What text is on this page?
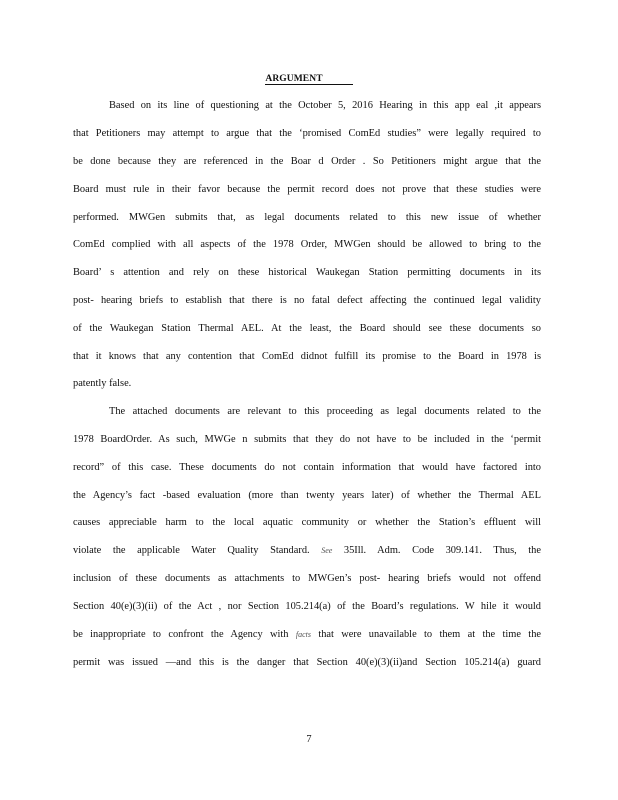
ARGUMENT
Based on its line of questioning at the October 5, 2016 Hearing in this app eal ,it appears
that Petitioners may attempt to argue that the ‘promised ComEd studies” were legally required to
be done because they are referenced in the Boar d Order . So Petitioners might argue that the
Board must rule in their favor because the permit record does not prove that these studies were
performed. MWGen submits that, as legal documents related to this new issue of whether
ComEd complied with all aspects of the 1978 Order, MWGen should be allowed to bring to the
Board’ s attention and rely on these historical Waukegan Station permitting documents in its
post- hearing briefs to establish that there is no fatal defect affecting the continued legal validity
of the Waukegan Station Thermal AEL. At the least, the Board should see these documents so
that it knows that any contention that ComEd didnot fulfill its promise to the Board in 1978 is
patently false.
The attached documents are relevant to this proceeding as legal documents related to the
1978 BoardOrder. As such, MWGe n submits that they do not have to be included in the ‘permit
record” of this case. These documents do not contain information that would have factored into
the Agency’s fact -based evaluation (more than twenty years later) of whether the Thermal AEL
causes appreciable harm to the local aquatic community or whether the Station’s effluent will
violate the applicable Water Quality Standard. See 35Ill. Adm. Code 309.141. Thus, the
inclusion of these documents as attachments to MWGen’s post- hearing briefs would not offend
Section 40(e)(3)(ii) of the Act , nor Section 105.214(a) of the Board’s regulations. W hile it would
be inappropriate to confront the Agency with facts that were unavailable to them at the time the
permit was issued —and this is the danger that Section 40(e)(3)(ii)and Section 105.214(a) guard
7
